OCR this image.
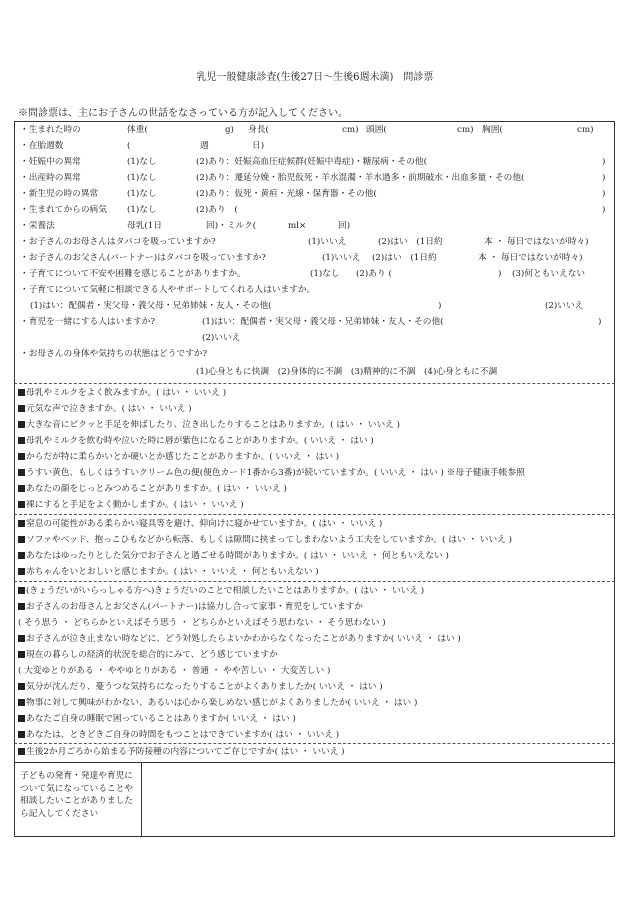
乳児一般健康診査(生後27日〜生後6週未満)　問診票
※問診票は、主にお子さんの世話をなさっている方が記入してください。
・生まれた時の	体重(	g) 身長(	cm) 頭囲(	cm) 胸囲(	cm)
・在胎週数	(	週	日)
・妊娠中の異常	(1)なし	(2)あり：妊娠高血圧症候群(妊娠中毒症)・糖尿病・その他(	)
・出産時の異常	(1)なし	(2)あり：遷延分娩・胎児仮死・羊水混濁・羊水過多・前期破水・出血多量・その他(	)
・新生児の時の異常	(1)なし	(2)あり：仮死・黄疸・光線・保育器・その他(	)
・生まれてからの病気 (1)なし	(2)あり　(	)
・栄養法	母乳(1日	回)・ミルク(	ml×	回)
・お子さんのお母さんはタバコを吸っていますか?	(1)いいえ	(2)はい　(1日約	本 ・ 毎日ではないが時々)
・お子さんのお父さん(パートナー)はタバコを吸っていますか?	(1)いいえ (2)はい　(1日約	本 ・ 毎日ではないが時々)
・子育てについて不安や困難を感じることがありますか。	(1)なし (2)あり (	) (3)何ともいえない
・子育てについて気軽に相談できる人やサポートしてくれる人はいますか。
(1)はい：配偶者・実父母・義父母・兄弟姉妹・友人・その他(	)	(2)いいえ
・育児を一緒にする人はいますか?	(1)はい：配偶者・実父母・義父母・兄弟姉妹・友人・その他(	)
(2)いいえ
・お母さんの身体や気持ちの状態はどうですか?
(1)心身ともに快調　(2)身体的に不調　(3)精神的に不調　(4)心身ともに不調
母乳やミルクをよく飲みますか。( はい ・ いいえ )
元気な声で泣きますか。( はい ・ いいえ )
大きな音にビクッと手足を伸ばしたり、泣き出したりすることはありますか。( はい ・ いいえ )
母乳やミルクを飲む時や泣いた時に唇が紫色になることがありますか。( いいえ ・ はい )
からだが特に柔らかいとか硬いとか感じたことがありますか。( いいえ ・ はい )
うすい黄色、もしくはうすいクリーム色の便(便色カード1番から3番)が続いていますか。( いいえ ・ はい ) ※母子健康手帳参照
あなたの顔をじっとみつめることがありますか。( はい ・ いいえ )
裸にすると手足をよく動かしますか。( はい ・ いいえ )
窒息の可能性がある柔らかい寝具等を避け、仰向けに寝かせていますか。( はい ・ いいえ )
ソファやベッド、抱っこひもなどから転落、もしくは隙間に挟まってしまわないよう工夫をしていますか。( はい ・ いいえ )
あなたはゆったりとした気分でお子さんと過ごせる時間がありますか。( はい ・ いいえ ・ 何ともいえない )
赤ちゃんをいとおしいと感じますか。( はい ・ いいえ ・ 何ともいえない )
(きょうだいがいらっしゃる方へ)きょうだいのことで相談したいことはありますか。( はい ・ いいえ )
お子さんのお母さんとお父さん(パートナー)は協力し合って家事・育児をしていますか
( そう思う ・ どちらかといえばそう思う ・ どちらかといえばそう思わない ・ そう思わない )
お子さんが泣き止まない時などに、どう対処したらよいかわからなくなったことがありますか( いいえ ・ はい )
現在の暮らしの経済的状況を総合的にみて、どう感じていますか
( 大変ゆとりがある ・ ややゆとりがある ・ 普通 ・ やや苦しい ・ 大変苦しい )
気分が沈んだり、憂うつな気持ちになったりすることがよくありましたか( いいえ ・ はい )
物事に対して興味がわかない、あるいは心から楽しめない感じがよくありましたか( いいえ ・ はい )
あなたご自身の睡眠で困っていることはありますか( いいえ ・ はい )
あなたは、ときどきご自身の時間をもつことはできていますか( はい ・ いいえ )
生後2か月ごろから始まる予防接種の内容についてご存じですか( はい ・ いいえ )
子どもの発育・発達や育児について気になっていることや相談したいことがありましたら記入してください
